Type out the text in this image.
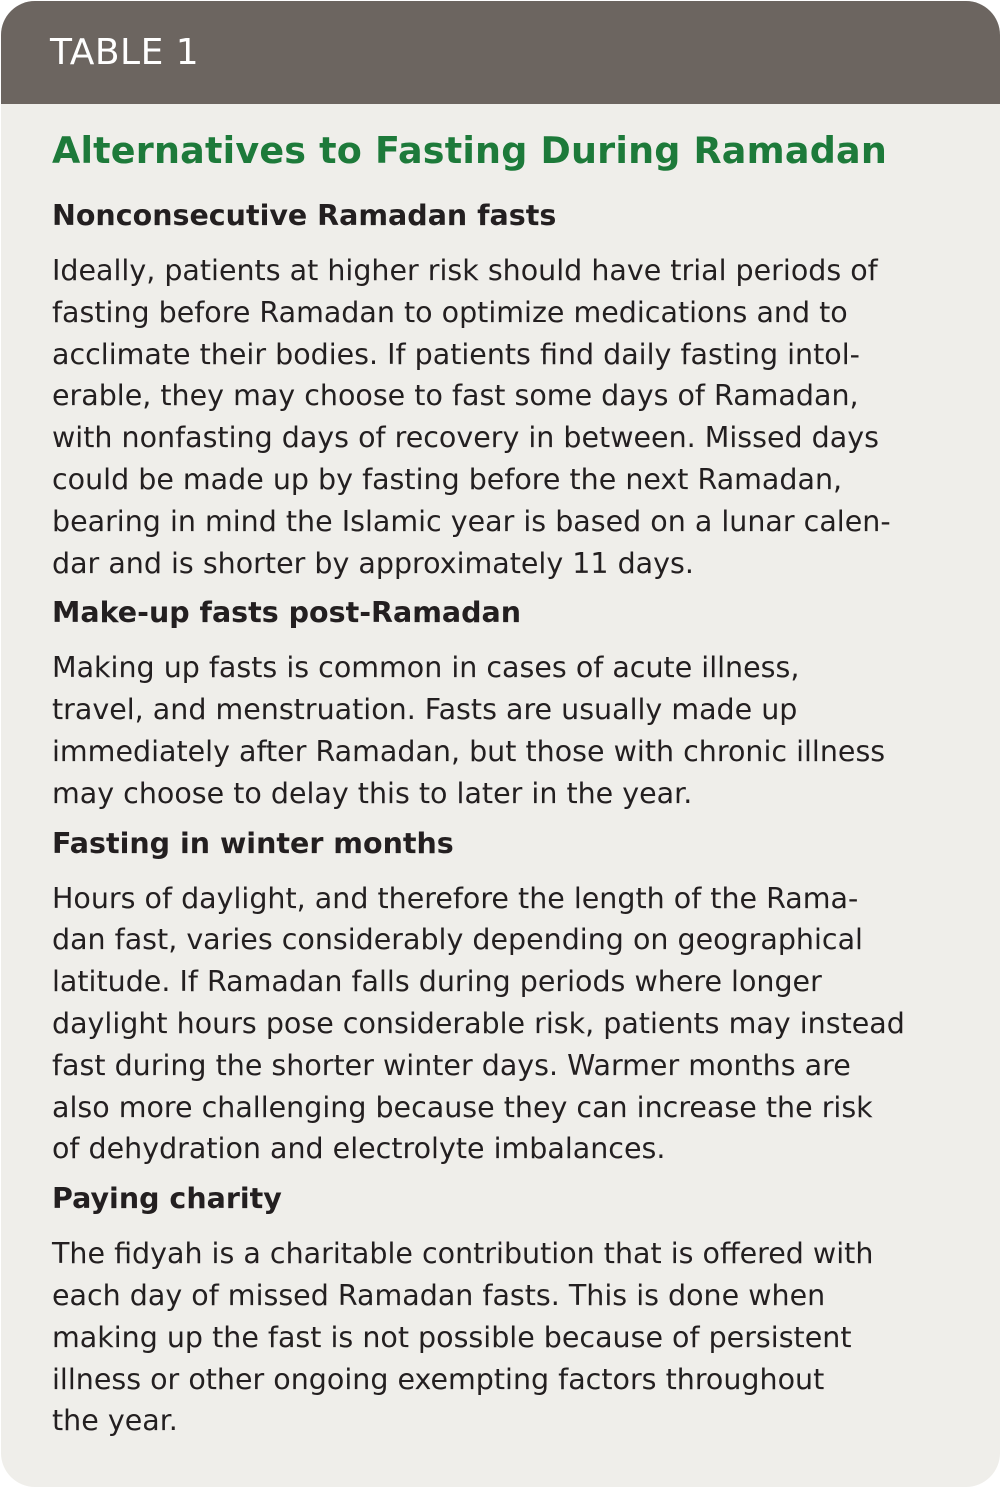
TABLE 1
Alternatives to Fasting During Ramadan
Nonconsecutive Ramadan fasts

Ideally, patients at higher risk should have trial periods of
fasting before Ramadan to optimize medications and to
acclimate their bodies. If patients find daily fasting intol-
erable, they may choose to fast some days of Ramadan,
with nonfasting days of recovery in between. Missed days
could be made up by fasting before the next Ramadan,
bearing in mind the Islamic year is based on a lunar calen-
dar and is shorter by approximately 11 days.

Make-up fasts post-Ramadan

Making up fasts is common in cases of acute illness,
travel, and menstruation. Fasts are usually made up
immediately after Ramadan, but those with chronic illness
may choose to delay this to later in the year.

Fasting in winter months

Hours of daylight, and therefore the length of the Rama-
dan fast, varies considerably depending on geographical
latitude. If Ramadan falls during periods where longer
daylight hours pose considerable risk, patients may instead
fast during the shorter winter days. Warmer months are
also more challenging because they can increase the risk
of dehydration and electrolyte imbalances.

Paying charity

The fidyah is a charitable contribution that is offered with
each day of missed Ramadan fasts. This is done when
making up the fast is not possible because of persistent
illness or other ongoing exempting factors throughout
the year.
